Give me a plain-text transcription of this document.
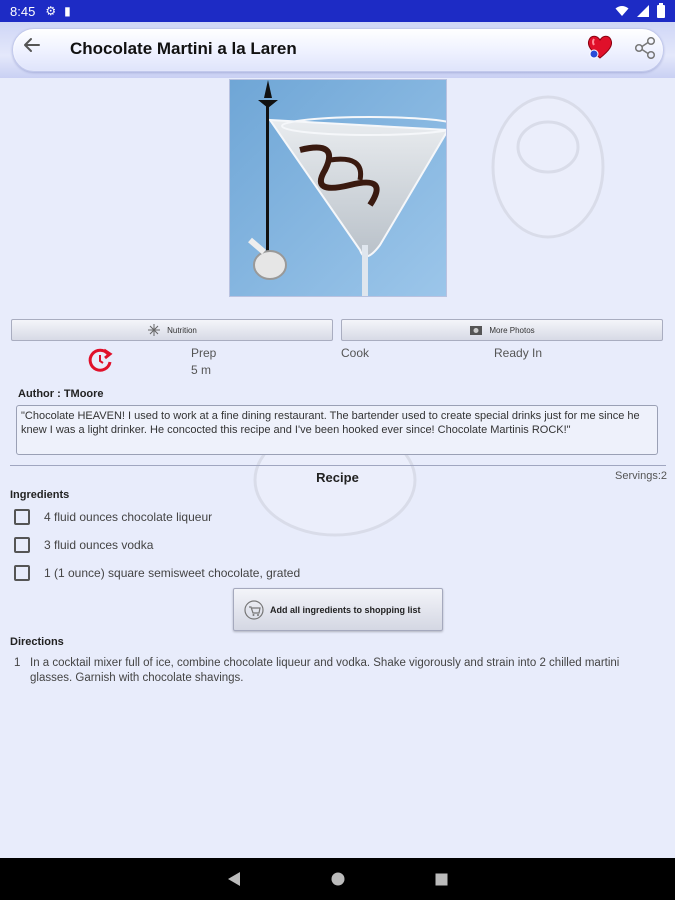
8:45 ⚙ ▮
Chocolate Martini a la Laren
Nutrition	More Photos
Prep
5 m
Cook	Ready In
Author : TMoore
"Chocolate HEAVEN! I used to work at a fine dining restaurant. The bartender used to create special drinks just for me since he knew I was a light drinker. He concocted this recipe and I've been hooked ever since! Chocolate Martinis ROCK!"
Recipe	Servings:2
Ingredients
4 fluid ounces chocolate liqueur
3 fluid ounces vodka
1 (1 ounce) square semisweet chocolate, grated
Add all ingredients to shopping list
Directions
1 In a cocktail mixer full of ice, combine chocolate liqueur and vodka. Shake vigorously and strain into 2 chilled martini glasses. Garnish with chocolate shavings.
